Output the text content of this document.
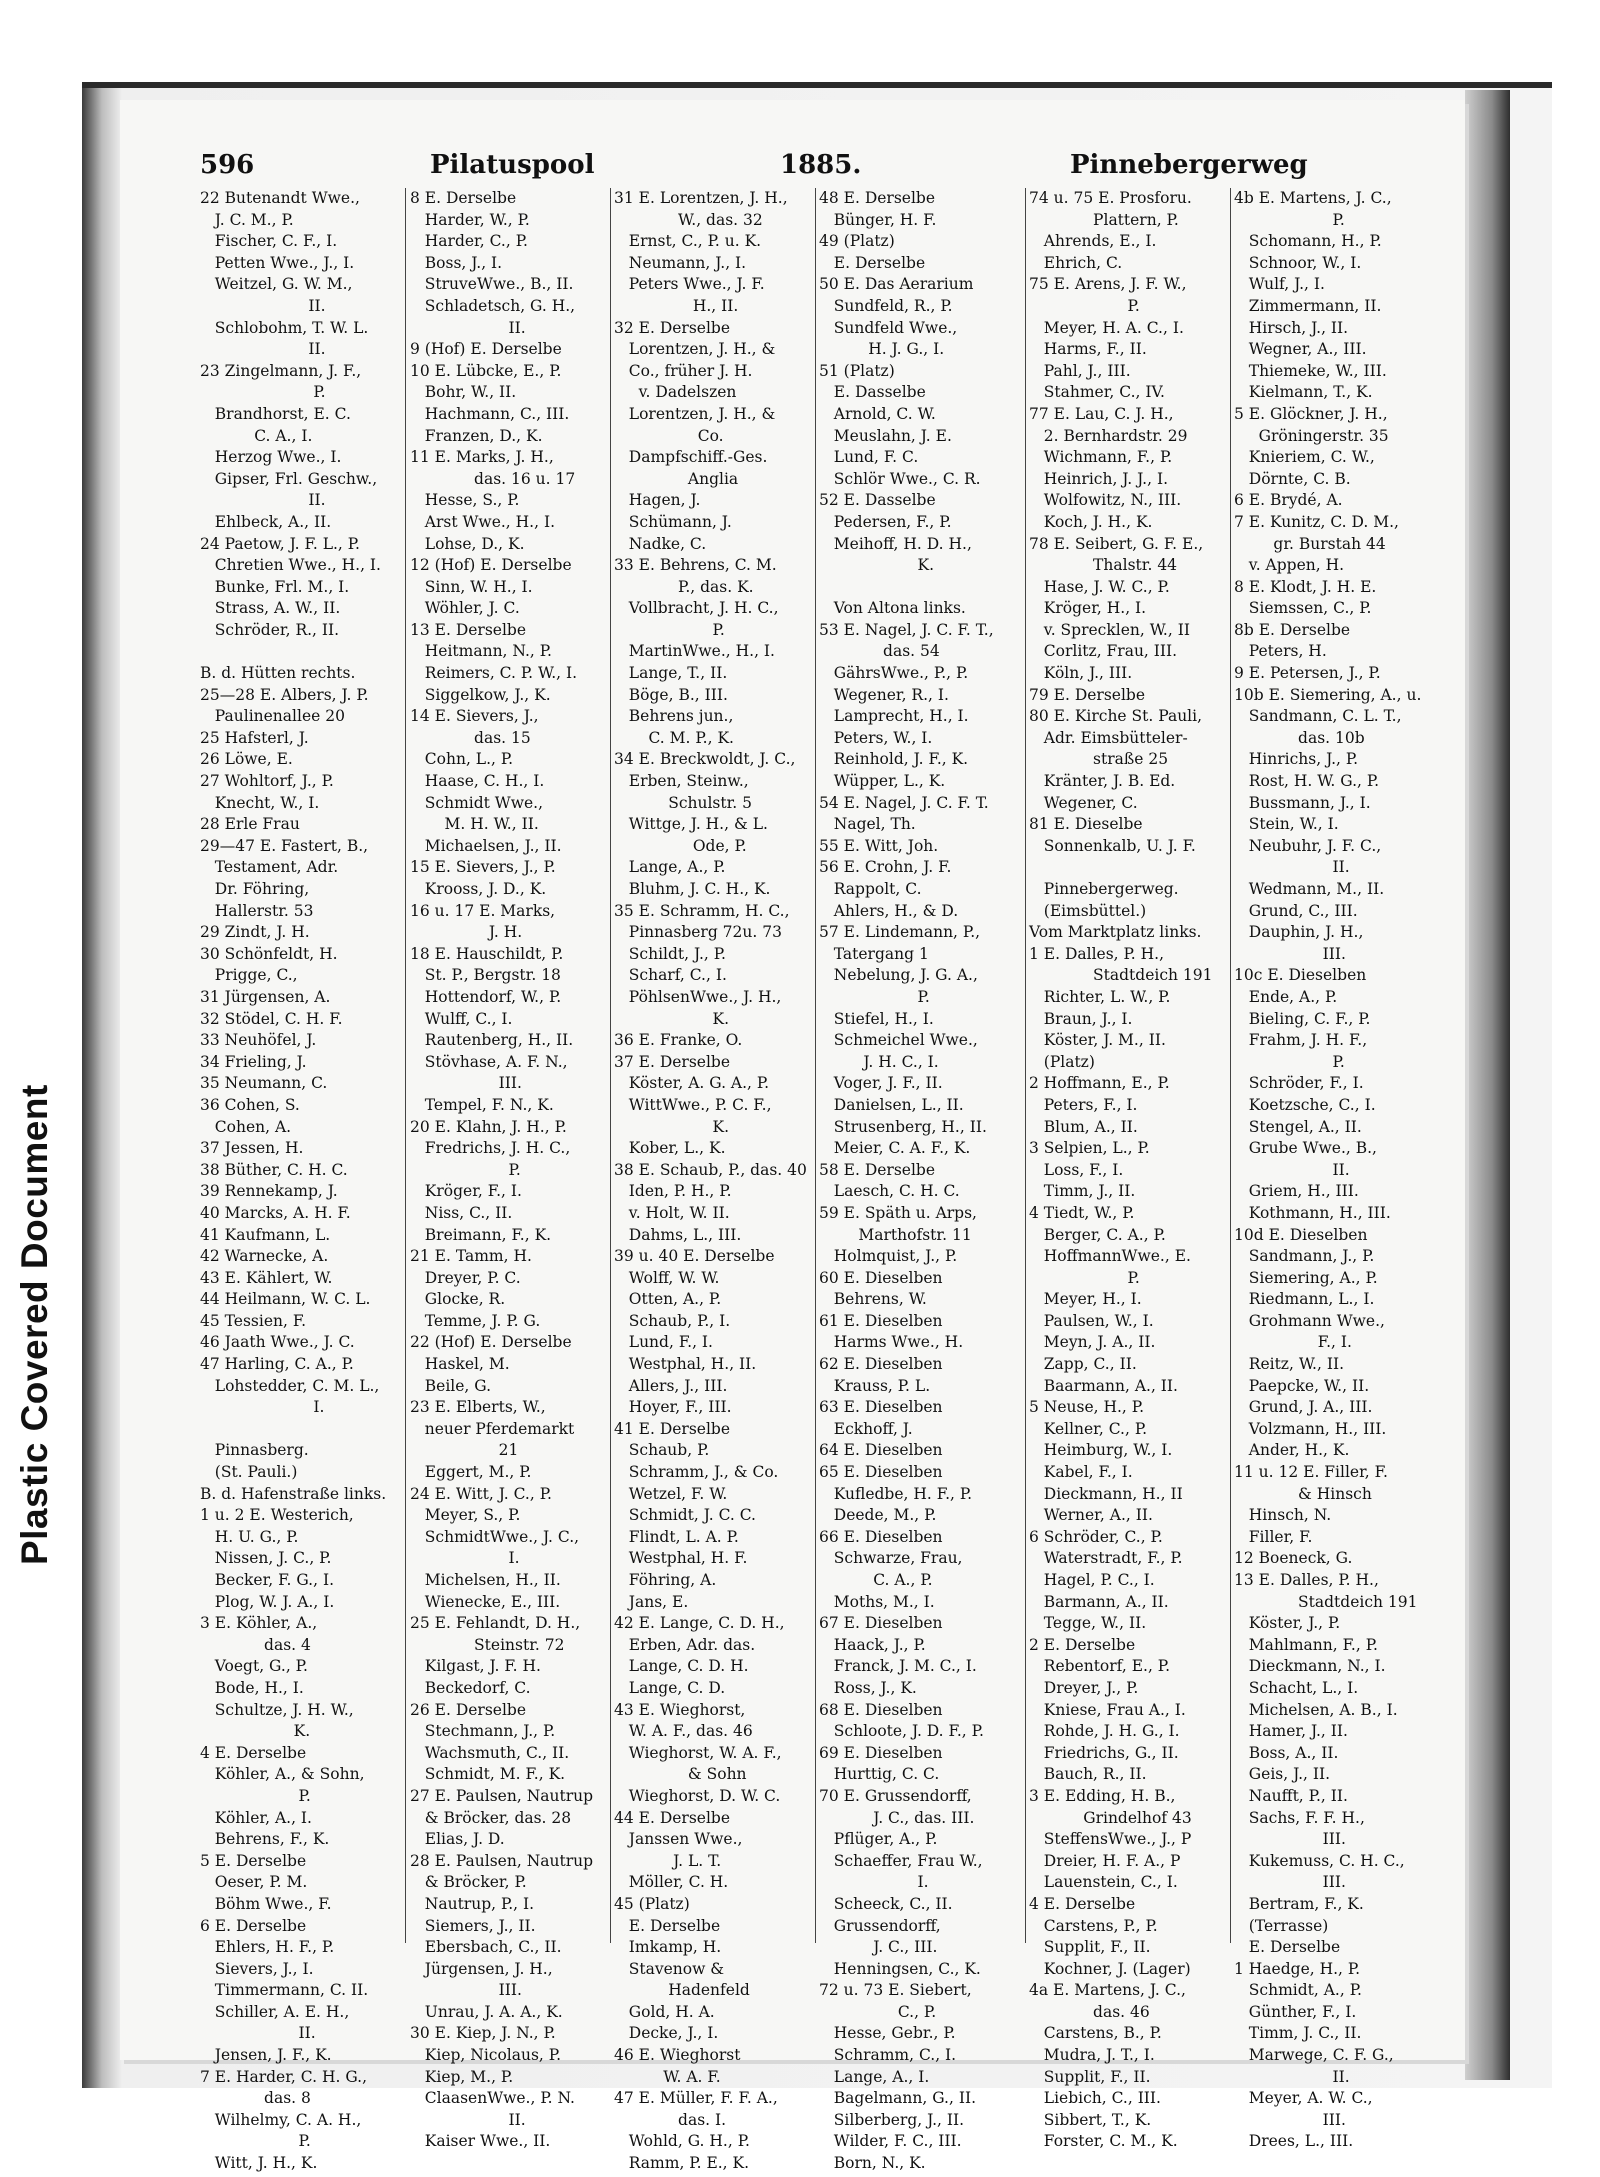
Plastic Covered Document
596	Pilatuspool	1885.	Pinnebergerweg
22 Butenandt Wwe.,
J. C. M., P.
Fischer, C. F., I.
Petten Wwe., J., I.
Weitzel, G. W. M.,
II.
Schlobohm, T. W. L.
II.
23 Zingelmann, J. F.,
P.
Brandhorst, E. C.
C. A., I.
Herzog Wwe., I.
Gipser, Frl. Geschw.,
II.
Ehlbeck, A., II.
24 Paetow, J. F. L., P.
Chretien Wwe., H., I.
Bunke, Frl. M., I.
Strass, A. W., II.
Schröder, R., II.
B. d. Hütten rechts.
25—28 E. Albers, J. P.
Paulinenallee 20
25 Hafsterl, J.
26 Löwe, E.
27 Wohltorf, J., P.
Knecht, W., I.
28 Erle Frau
29—47 E. Fastert, B.,
Testament, Adr.
Dr. Föhring,
Hallerstr. 53
29 Zindt, J. H.
30 Schönfeldt, H.
Prigge, C.,
31 Jürgensen, A.
32 Stödel, C. H. F.
33 Neuhöfel, J.
34 Frieling, J.
35 Neumann, C.
36 Cohen, S.
Cohen, A.
37 Jessen, H.
38 Büther, C. H. C.
39 Rennekamp, J.
40 Marcks, A. H. F.
41 Kaufmann, L.
42 Warnecke, A.
43 E. Kählert, W.
44 Heilmann, W. C. L.
45 Tessien, F.
46 Jaath Wwe., J. C.
47 Harling, C. A., P.
Lohstedder, C. M. L.,
I.
Pinnasberg.
(St. Pauli.)
B. d. Hafenstraße links.
1 u. 2 E. Westerich,
H. U. G., P.
Nissen, J. C., P.
Becker, F. G., I.
Plog, W. J. A., I.
3 E. Köhler, A.,
das. 4
Voegt, G., P.
Bode, H., I.
Schultze, J. H. W.,
K.
4 E. Derselbe
Köhler, A., & Sohn,
P.
Köhler, A., I.
Behrens, F., K.
5 E. Derselbe
Oeser, P. M.
Böhm Wwe., F.
6 E. Derselbe
Ehlers, H. F., P.
Sievers, J., I.
Timmermann, C. II.
Schiller, A. E. H.,
II.
Jensen, J. F., K.
7 E. Harder, C. H. G.,
das. 8
Wilhelmy, C. A. H.,
P.
Witt, J. H., K.
8 E. Derselbe
Harder, W., P.
Harder, C., P.
Boss, J., I.
StruveWwe., B., II.
Schladetsch, G. H.,
II.
9 (Hof) E. Derselbe
10 E. Lübcke, E., P.
Bohr, W., II.
Hachmann, C., III.
Franzen, D., K.
11 E. Marks, J. H.,
das. 16 u. 17
Hesse, S., P.
Arst Wwe., H., I.
Lohse, D., K.
12 (Hof) E. Derselbe
Sinn, W. H., I.
Wöhler, J. C.
13 E. Derselbe
Heitmann, N., P.
Reimers, C. P. W., I.
Siggelkow, J., K.
14 E. Sievers, J.,
das. 15
Cohn, L., P.
Haase, C. H., I.
Schmidt Wwe.,
M. H. W., II.
Michaelsen, J., II.
15 E. Sievers, J., P.
Krooss, J. D., K.
16 u. 17 E. Marks,
J. H.
18 E. Hauschildt, P.
St. P., Bergstr. 18
Hottendorf, W., P.
Wulff, C., I.
Rautenberg, H., II.
Stövhase, A. F. N.,
III.
Tempel, F. N., K.
20 E. Klahn, J. H., P.
Fredrichs, J. H. C.,
P.
Kröger, F., I.
Niss, C., II.
Breimann, F., K.
21 E. Tamm, H.
Dreyer, P. C.
Glocke, R.
Temme, J. P. G.
22 (Hof) E. Derselbe
Haskel, M.
Beile, G.
23 E. Elberts, W.,
neuer Pferdemarkt
21
Eggert, M., P.
24 E. Witt, J. C., P.
Meyer, S., P.
SchmidtWwe., J. C.,
I.
Michelsen, H., II.
Wienecke, E., III.
25 E. Fehlandt, D. H.,
Steinstr. 72
Kilgast, J. F. H.
Beckedorf, C.
26 E. Derselbe
Stechmann, J., P.
Wachsmuth, C., II.
Schmidt, M. F., K.
27 E. Paulsen, Nautrup
& Bröcker, das. 28
Elias, J. D.
28 E. Paulsen, Nautrup
& Bröcker, P.
Nautrup, P., I.
Siemers, J., II.
Ebersbach, C., II.
Jürgensen, J. H.,
III.
Unrau, J. A. A., K.
30 E. Kiep, J. N., P.
Kiep, Nicolaus, P.
Kiep, M., P.
ClaasenWwe., P. N.
II.
Kaiser Wwe., II.
31 E. Lorentzen, J. H.,
W., das. 32
Ernst, C., P. u. K.
Neumann, J., I.
Peters Wwe., J. F.
H., II.
32 E. Derselbe
Lorentzen, J. H., &
Co., früher J. H.
v. Dadelszen
Lorentzen, J. H., &
Co.
Dampfschiff.-Ges.
Anglia
Hagen, J.
Schümann, J.
Nadke, C.
33 E. Behrens, C. M.
P., das. K.
Vollbracht, J. H. C.,
P.
MartinWwe., H., I.
Lange, T., II.
Böge, B., III.
Behrens jun.,
C. M. P., K.
34 E. Breckwoldt, J. C.,
Erben, Steinw.,
Schulstr. 5
Wittge, J. H., & L.
Ode, P.
Lange, A., P.
Bluhm, J. C. H., K.
35 E. Schramm, H. C.,
Pinnasberg 72u. 73
Schildt, J., P.
Scharf, C., I.
PöhlsenWwe., J. H.,
K.
36 E. Franke, O.
37 E. Derselbe
Köster, A. G. A., P.
WittWwe., P. C. F.,
K.
Kober, L., K.
38 E. Schaub, P., das. 40
Iden, P. H., P.
v. Holt, W. II.
Dahms, L., III.
39 u. 40 E. Derselbe
Wolff, W. W.
Otten, A., P.
Schaub, P., I.
Lund, F., I.
Westphal, H., II.
Allers, J., III.
Hoyer, F., III.
41 E. Derselbe
Schaub, P.
Schramm, J., & Co.
Wetzel, F. W.
Schmidt, J. C. C.
Flindt, L. A. P.
Westphal, H. F.
Föhring, A.
Jans, E.
42 E. Lange, C. D. H.,
Erben, Adr. das.
Lange, C. D. H.
Lange, C. D.
43 E. Wieghorst,
W. A. F., das. 46
Wieghorst, W. A. F.,
& Sohn
Wieghorst, D. W. C.
44 E. Derselbe
Janssen Wwe.,
J. L. T.
Möller, C. H.
45 (Platz)
E. Derselbe
Imkamp, H.
Stavenow &
Hadenfeld
Gold, H. A.
Decke, J., I.
46 E. Wieghorst
W. A. F.
47 E. Müller, F. F. A.,
das. I.
Wohld, G. H., P.
Ramm, P. E., K.
48 E. Derselbe
Bünger, H. F.
49 (Platz)
E. Derselbe
50 E. Das Aerarium
Sundfeld, R., P.
Sundfeld Wwe.,
H. J. G., I.
51 (Platz)
E. Dasselbe
Arnold, C. W.
Meuslahn, J. E.
Lund, F. C.
Schlör Wwe., C. R.
52 E. Dasselbe
Pedersen, F., P.
Meihoff, H. D. H.,
K.
Von Altona links.
53 E. Nagel, J. C. F. T.,
das. 54
GährsWwe., P., P.
Wegener, R., I.
Lamprecht, H., I.
Peters, W., I.
Reinhold, J. F., K.
Wüpper, L., K.
54 E. Nagel, J. C. F. T.
Nagel, Th.
55 E. Witt, Joh.
56 E. Crohn, J. F.
Rappolt, C.
Ahlers, H., & D.
57 E. Lindemann, P.,
Tatergang 1
Nebelung, J. G. A.,
P.
Stiefel, H., I.
Schmeichel Wwe.,
J. H. C., I.
Voger, J. F., II.
Danielsen, L., II.
Strusenberg, H., II.
Meier, C. A. F., K.
58 E. Derselbe
Laesch, C. H. C.
59 E. Späth u. Arps,
Marthofstr. 11
Holmquist, J., P.
60 E. Dieselben
Behrens, W.
61 E. Dieselben
Harms Wwe., H.
62 E. Dieselben
Krauss, P. L.
63 E. Dieselben
Eckhoff, J.
64 E. Dieselben
65 E. Dieselben
Kufledbe, H. F., P.
Deede, M., P.
66 E. Dieselben
Schwarze, Frau,
C. A., P.
Moths, M., I.
67 E. Dieselben
Haack, J., P.
Franck, J. M. C., I.
Ross, J., K.
68 E. Dieselben
Schloote, J. D. F., P.
69 E. Dieselben
Hurttig, C. C.
70 E. Grussendorff,
J. C., das. III.
Pflüger, A., P.
Schaeffer, Frau W.,
I.
Scheeck, C., II.
Grussendorff,
J. C., III.
Henningsen, C., K.
72 u. 73 E. Siebert,
C., P.
Hesse, Gebr., P.
Schramm, C., I.
Lange, A., I.
Bagelmann, G., II.
Silberberg, J., II.
Wilder, F. C., III.
Born, N., K.
74 u. 75 E. Prosforu.
Plattern, P.
Ahrends, E., I.
Ehrich, C.
75 E. Arens, J. F. W.,
P.
Meyer, H. A. C., I.
Harms, F., II.
Pahl, J., III.
Stahmer, C., IV.
77 E. Lau, C. J. H.,
2. Bernhardstr. 29
Wichmann, F., P.
Heinrich, J. J., I.
Wolfowitz, N., III.
Koch, J. H., K.
78 E. Seibert, G. F. E.,
Thalstr. 44
Hase, J. W. C., P.
Kröger, H., I.
v. Sprecklen, W., II
Corlitz, Frau, III.
Köln, J., III.
79 E. Derselbe
80 E. Kirche St. Pauli,
Adr. Eimsbütteler-
straße 25
Kränter, J. B. Ed.
Wegener, C.
81 E. Dieselbe
Sonnenkalb, U. J. F.
Pinnebergerweg.
(Eimsbüttel.)
Vom Marktplatz links.
1 E. Dalles, P. H.,
Stadtdeich 191
Richter, L. W., P.
Braun, J., I.
Köster, J. M., II.
(Platz)
2 Hoffmann, E., P.
Peters, F., I.
Blum, A., II.
3 Selpien, L., P.
Loss, F., I.
Timm, J., II.
4 Tiedt, W., P.
Berger, C. A., P.
HoffmannWwe., E.
P.
Meyer, H., I.
Paulsen, W., I.
Meyn, J. A., II.
Zapp, C., II.
Baarmann, A., II.
5 Neuse, H., P.
Kellner, C., P.
Heimburg, W., I.
Kabel, F., I.
Dieckmann, H., II
Werner, A., II.
6 Schröder, C., P.
Waterstradt, F., P.
Hagel, P. C., I.
Barmann, A., II.
Tegge, W., II.
2 E. Derselbe
Rebentorf, E., P.
Dreyer, J., P.
Kniese, Frau A., I.
Rohde, J. H. G., I.
Friedrichs, G., II.
Bauch, R., II.
3 E. Edding, H. B.,
Grindelhof 43
SteffensWwe., J., P
Dreier, H. F. A., P
Lauenstein, C., I.
4 E. Derselbe
Carstens, P., P.
Supplit, F., II.
Kochner, J. (Lager)
4a E. Martens, J. C.,
das. 46
Carstens, B., P.
Mudra, J. T., I.
Supplit, F., II.
Liebich, C., III.
Sibbert, T., K.
Forster, C. M., K.
4b E. Martens, J. C.,
P.
Schomann, H., P.
Schnoor, W., I.
Wulf, J., I.
Zimmermann, II.
Hirsch, J., II.
Wegner, A., III.
Thiemeke, W., III.
Kielmann, T., K.
5 E. Glöckner, J. H.,
Gröningerstr. 35
Knieriem, C. W.,
Dörnte, C. B.
6 E. Brydé, A.
7 E. Kunitz, C. D. M.,
gr. Burstah 44
v. Appen, H.
8 E. Klodt, J. H. E.
Siemssen, C., P.
8b E. Derselbe
Peters, H.
9 E. Petersen, J., P.
10b E. Siemering, A., u.
Sandmann, C. L. T.,
das. 10b
Hinrichs, J., P.
Rost, H. W. G., P.
Bussmann, J., I.
Stein, W., I.
Neubuhr, J. F. C.,
II.
Wedmann, M., II.
Grund, C., III.
Dauphin, J. H.,
III.
10c E. Dieselben
Ende, A., P.
Bieling, C. F., P.
Frahm, J. H. F.,
P.
Schröder, F., I.
Koetzsche, C., I.
Stengel, A., II.
Grube Wwe., B.,
II.
Griem, H., III.
Kothmann, H., III.
10d E. Dieselben
Sandmann, J., P.
Siemering, A., P.
Riedmann, L., I.
Grohmann Wwe.,
F., I.
Reitz, W., II.
Paepcke, W., II.
Grund, J. A., III.
Volzmann, H., III.
Ander, H., K.
11 u. 12 E. Filler, F.
& Hinsch
Hinsch, N.
Filler, F.
12 Boeneck, G.
13 E. Dalles, P. H.,
Stadtdeich 191
Köster, J., P.
Mahlmann, F., P.
Dieckmann, N., I.
Schacht, L., I.
Michelsen, A. B., I.
Hamer, J., II.
Boss, A., II.
Geis, J., II.
Naufft, P., II.
Sachs, F. F. H.,
III.
Kukemuss, C. H. C.,
III.
Bertram, F., K.
(Terrasse)
E. Derselbe
1 Haedge, H., P.
Schmidt, A., P.
Günther, F., I.
Timm, J. C., II.
Marwege, C. F. G.,
II.
Meyer, A. W. C.,
III.
Drees, L., III.
